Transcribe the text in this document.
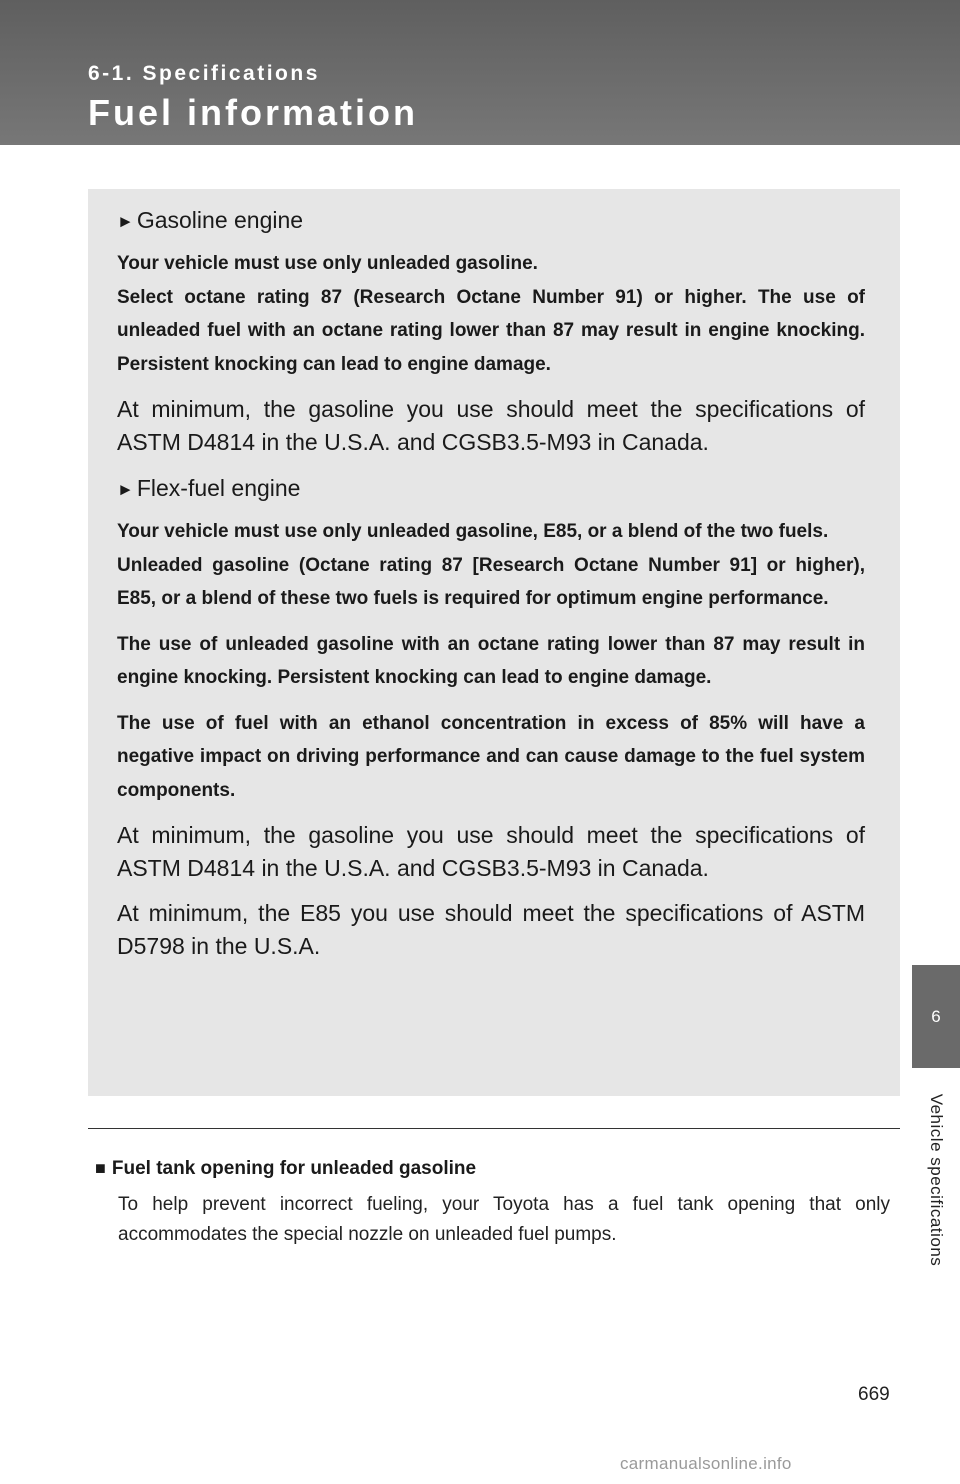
6-1. Specifications
Fuel information
6
Vehicle specifications
► Gasoline engine

Your vehicle must use only unleaded gasoline.

Select octane rating 87 (Research Octane Number 91) or higher. The use of unleaded fuel with an octane rating lower than 87 may result in engine knocking. Persistent knocking can lead to engine damage.

At minimum, the gasoline you use should meet the specifications of ASTM D4814 in the U.S.A. and CGSB3.5-M93 in Canada.
► Flex-fuel engine

Your vehicle must use only unleaded gasoline, E85, or a blend of the two fuels.

Unleaded gasoline (Octane rating 87 [Research Octane Number 91] or higher), E85, or a blend of these two fuels is required for optimum engine performance.

The use of unleaded gasoline with an octane rating lower than 87 may result in engine knocking. Persistent knocking can lead to engine damage.
The use of fuel with an ethanol concentration in excess of 85% will have a negative impact on driving performance and can cause damage to the fuel system components.
At minimum, the gasoline you use should meet the specifications of ASTM D4814 in the U.S.A. and CGSB3.5-M93 in Canada.
At minimum, the E85 you use should meet the specifications of ASTM D5798 in the U.S.A.
■ Fuel tank opening for unleaded gasoline
To help prevent incorrect fueling, your Toyota has a fuel tank opening that only accommodates the special nozzle on unleaded fuel pumps.
669
carmanualsonline.info
